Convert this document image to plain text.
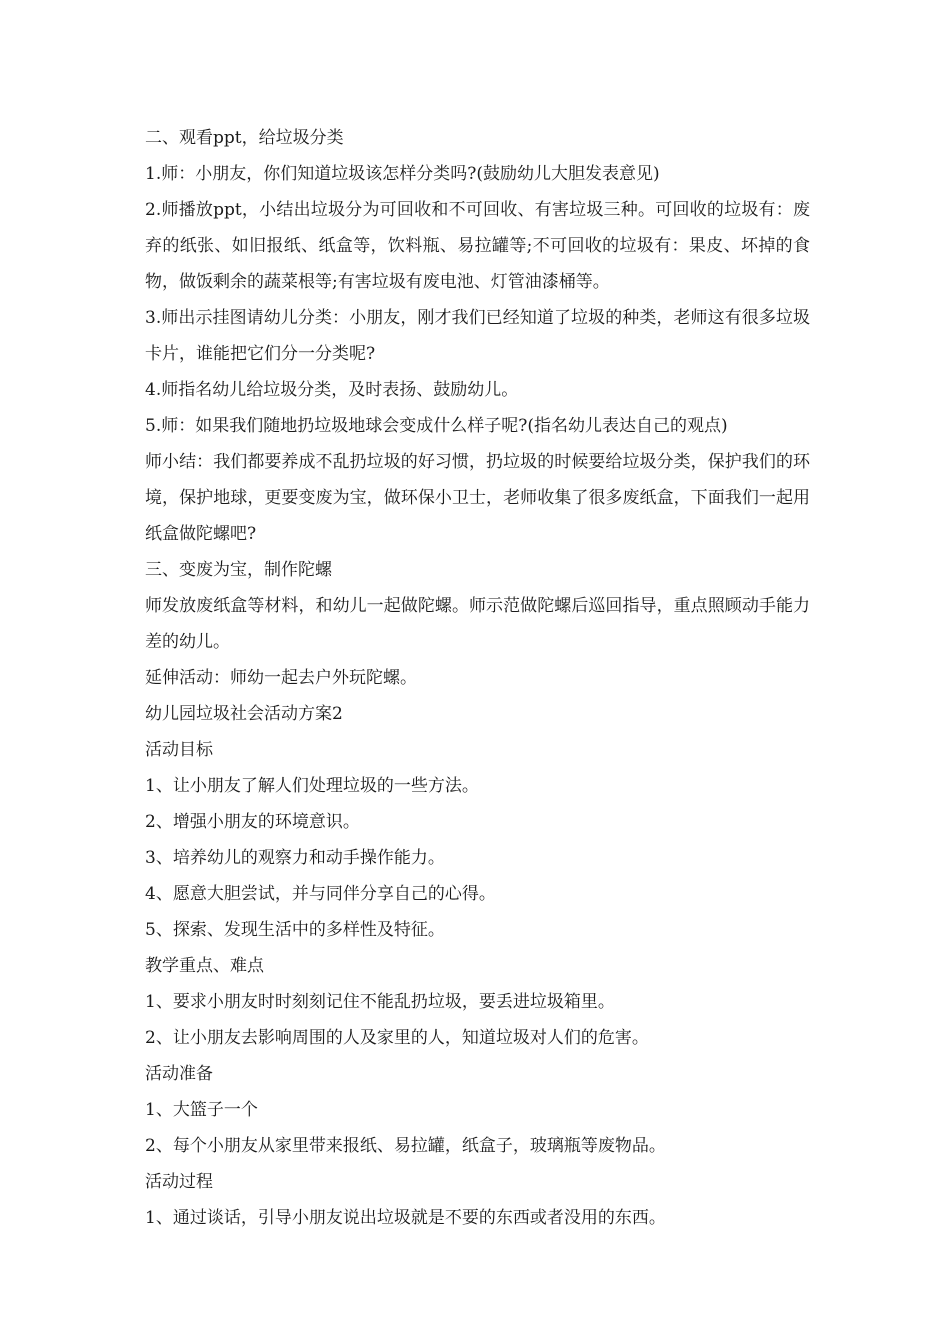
二、观看ppt，给垃圾分类

1.师：小朋友，你们知道垃圾该怎样分类吗?(鼓励幼儿大胆发表意见)

2.师播放ppt，小结出垃圾分为可回收和不可回收、有害垃圾三种。可回收的垃圾有：废弃的纸张、如旧报纸、纸盒等，饮料瓶、易拉罐等;不可回收的垃圾有：果皮、坏掉的食物，做饭剩余的蔬菜根等;有害垃圾有废电池、灯管油漆桶等。

3.师出示挂图请幼儿分类：小朋友，刚才我们已经知道了垃圾的种类，老师这有很多垃圾卡片，谁能把它们分一分类呢?

4.师指名幼儿给垃圾分类，及时表扬、鼓励幼儿。

5.师：如果我们随地扔垃圾地球会变成什么样子呢?(指名幼儿表达自己的观点)

师小结：我们都要养成不乱扔垃圾的好习惯，扔垃圾的时候要给垃圾分类，保护我们的环境，保护地球，更要变废为宝，做环保小卫士，老师收集了很多废纸盒，下面我们一起用纸盒做陀螺吧?

三、变废为宝，制作陀螺

师发放废纸盒等材料，和幼儿一起做陀螺。师示范做陀螺后巡回指导，重点照顾动手能力差的幼儿。

延伸活动：师幼一起去户外玩陀螺。

幼儿园垃圾社会活动方案2

活动目标

1、让小朋友了解人们处理垃圾的一些方法。

2、增强小朋友的环境意识。

3、培养幼儿的观察力和动手操作能力。

4、愿意大胆尝试，并与同伴分享自己的心得。

5、探索、发现生活中的多样性及特征。

教学重点、难点

1、要求小朋友时时刻刻记住不能乱扔垃圾，要丢进垃圾箱里。

2、让小朋友去影响周围的人及家里的人，知道垃圾对人们的危害。

活动准备

1、大篮子一个

2、每个小朋友从家里带来报纸、易拉罐，纸盒子，玻璃瓶等废物品。

活动过程

1、通过谈话，引导小朋友说出垃圾就是不要的东西或者没用的东西。
